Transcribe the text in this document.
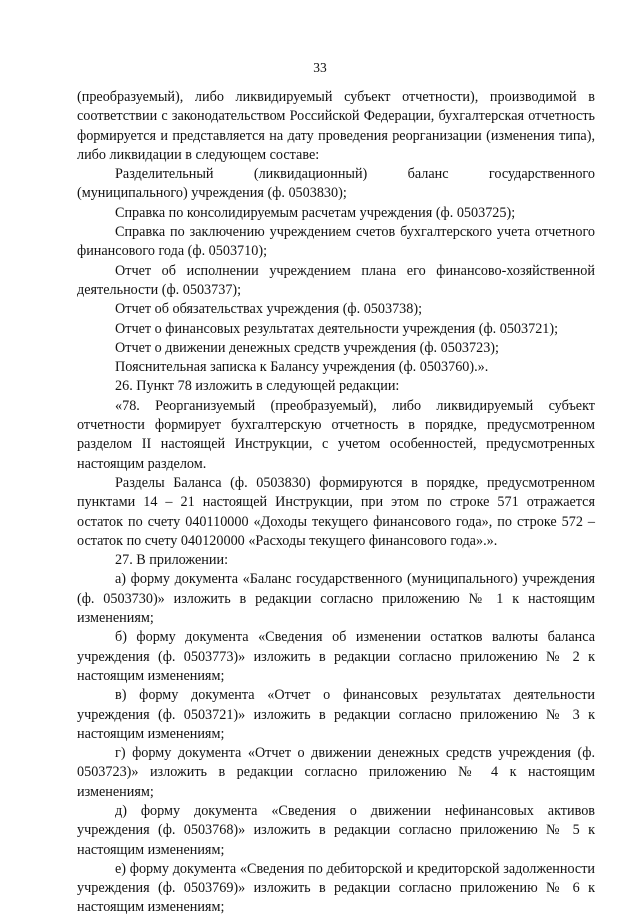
33

(преобразуемый), либо ликвидируемый субъект отчетности), производимой в соответствии с законодательством Российской Федерации, бухгалтерская отчетность формируется и представляется на дату проведения реорганизации (изменения типа), либо ликвидации в следующем составе:

Разделительный (ликвидационный) баланс государственного (муниципального) учреждения (ф. 0503830);

Справка по консолидируемым расчетам учреждения (ф. 0503725);

Справка по заключению учреждением счетов бухгалтерского учета отчетного финансового года (ф. 0503710);

Отчет об исполнении учреждением плана его финансово-хозяйственной деятельности (ф. 0503737);

Отчет об обязательствах учреждения (ф. 0503738);

Отчет о финансовых результатах деятельности учреждения (ф. 0503721);

Отчет о движении денежных средств учреждения (ф. 0503723);

Пояснительная записка к Балансу учреждения (ф. 0503760).».

26. Пункт 78 изложить в следующей редакции:

«78. Реорганизуемый (преобразуемый), либо ликвидируемый субъект отчетности формирует бухгалтерскую отчетность в порядке, предусмотренном разделом II настоящей Инструкции, с учетом особенностей, предусмотренных настоящим разделом.

Разделы Баланса (ф. 0503830) формируются в порядке, предусмотренном пунктами 14 – 21 настоящей Инструкции, при этом по строке 571 отражается остаток по счету 040110000 «Доходы текущего финансового года», по строке 572 – остаток по счету 040120000 «Расходы текущего финансового года».».

27. В приложении:

а) форму документа «Баланс государственного (муниципального) учреждения (ф. 0503730)» изложить в редакции согласно приложению № 1 к настоящим изменениям;

б) форму документа «Сведения об изменении остатков валюты баланса учреждения (ф. 0503773)» изложить в редакции согласно приложению № 2 к настоящим изменениям;

в) форму документа «Отчет о финансовых результатах деятельности учреждения (ф. 0503721)» изложить в редакции согласно приложению № 3 к настоящим изменениям;

г) форму документа «Отчет о движении денежных средств учреждения (ф. 0503723)» изложить в редакции согласно приложению № 4 к настоящим изменениям;

д) форму документа «Сведения о движении нефинансовых активов учреждения (ф. 0503768)» изложить в редакции согласно приложению № 5 к настоящим изменениям;

е) форму документа «Сведения по дебиторской и кредиторской задолженности учреждения (ф. 0503769)» изложить в редакции согласно приложению № 6 к настоящим изменениям;
